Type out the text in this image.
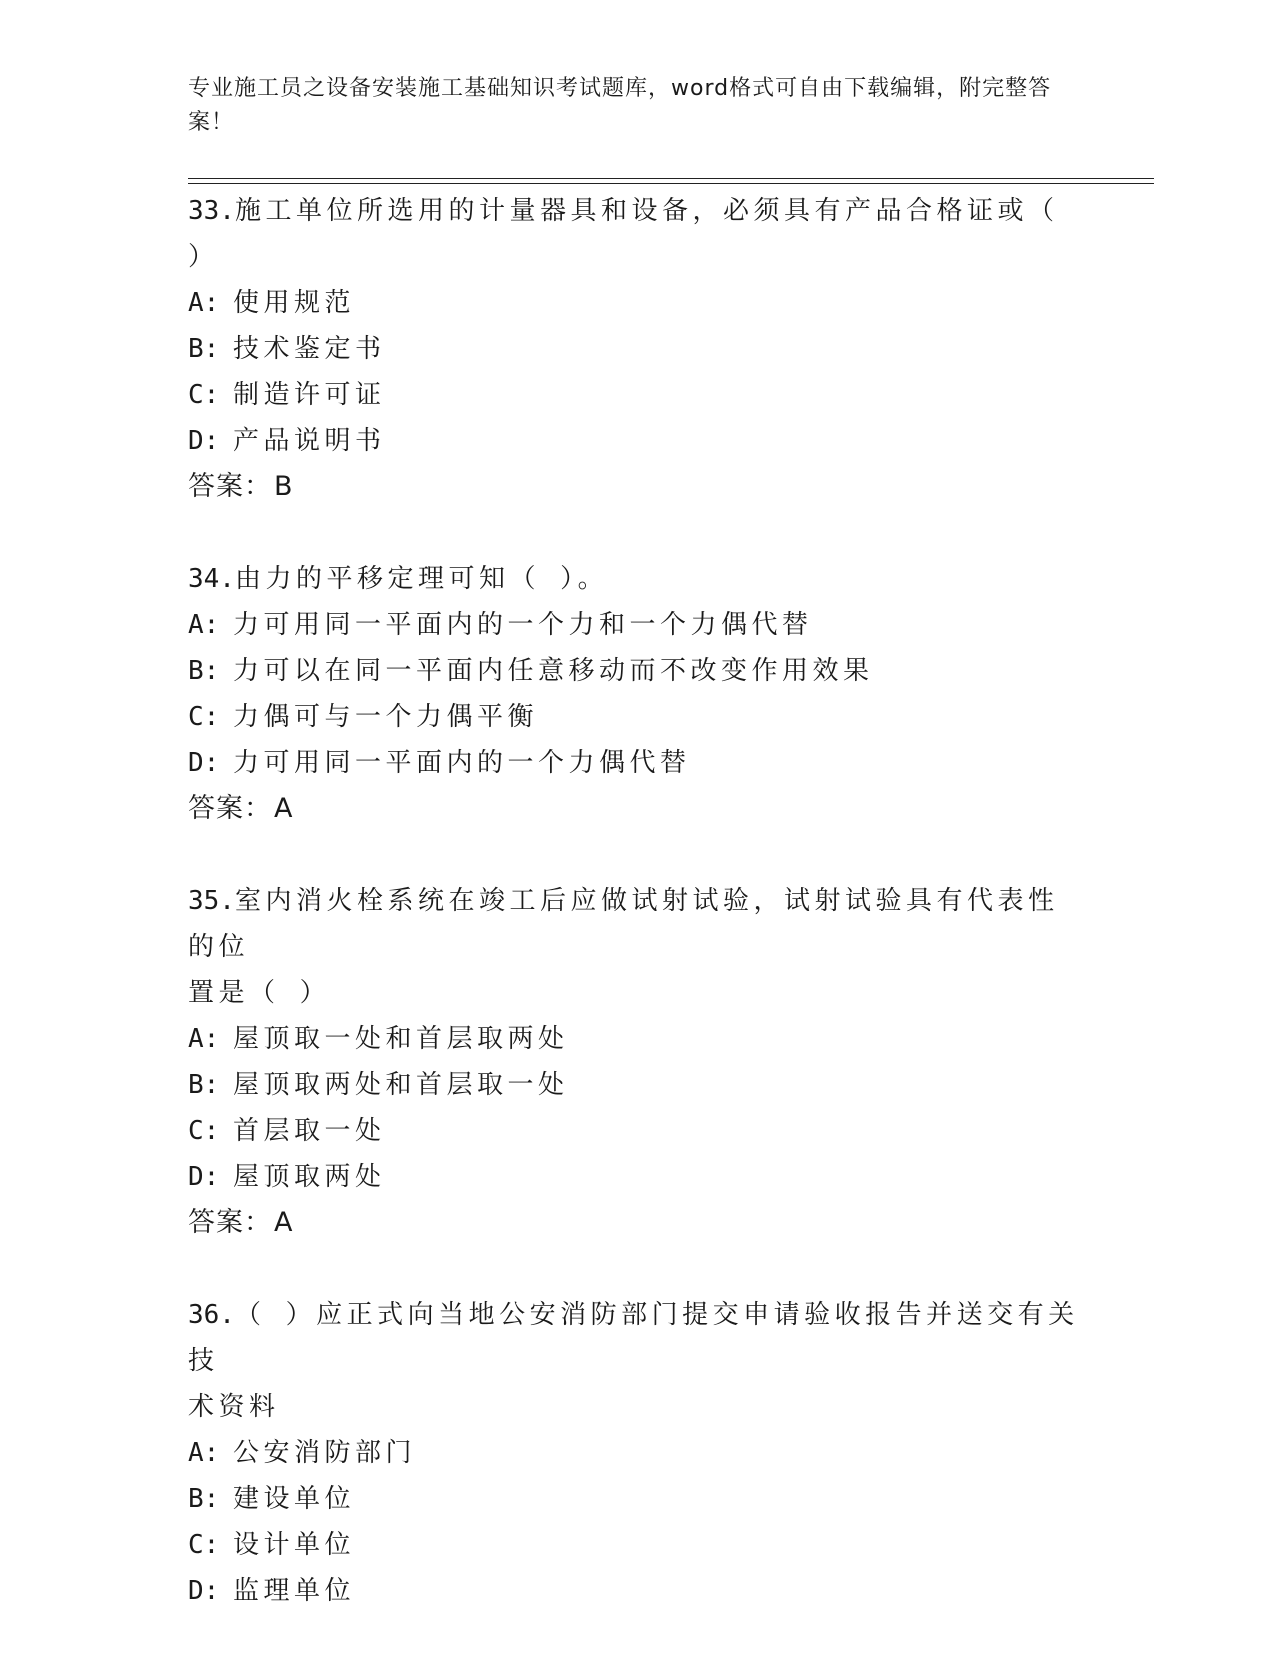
专业施工员之设备安装施工基础知识考试题库，word格式可自由下载编辑，附完整答案！

33.施工单位所选用的计量器具和设备，必须具有产品合格证或（ ）

A: 使用规范

B: 技术鉴定书

C: 制造许可证

D: 产品说明书

答案：B

34.由力的平移定理可知（ ）。

A: 力可用同一平面内的一个力和一个力偶代替

B: 力可以在同一平面内任意移动而不改变作用效果

C: 力偶可与一个力偶平衡

D: 力可用同一平面内的一个力偶代替

答案：A

35.室内消火栓系统在竣工后应做试射试验，试射试验具有代表性的位

置是（ ）

A: 屋顶取一处和首层取两处

B: 屋顶取两处和首层取一处

C: 首层取一处

D: 屋顶取两处

答案：A

36.（ ）应正式向当地公安消防部门提交申请验收报告并送交有关技

术资料

A: 公安消防部门

B: 建设单位

C: 设计单位

D: 监理单位
